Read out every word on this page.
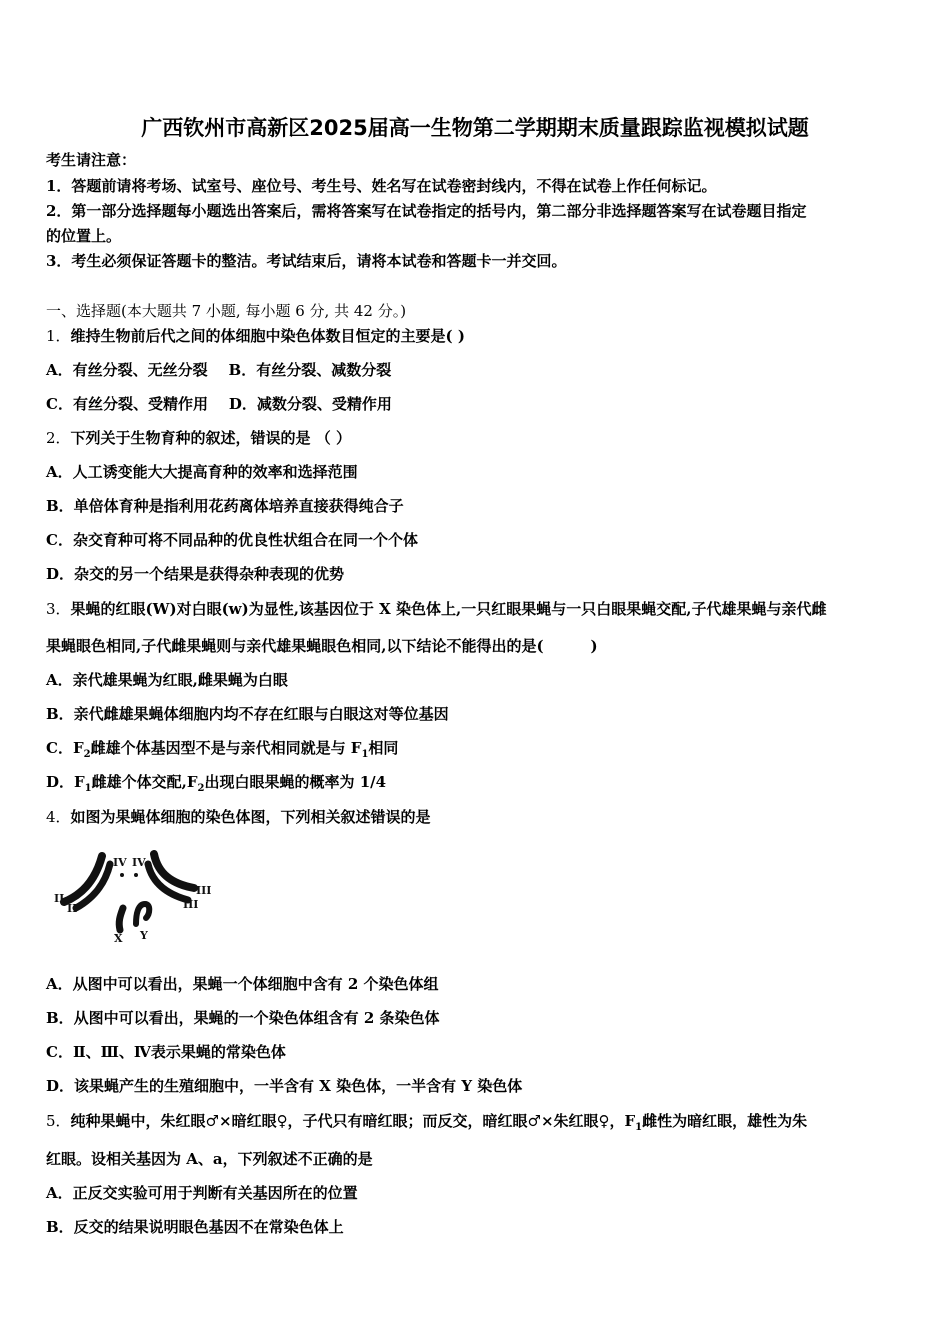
广西钦州市高新区2025届高一生物第二学期期末质量跟踪监视模拟试题
考生请注意：
1．答题前请将考场、试室号、座位号、考生号、姓名写在试卷密封线内，不得在试卷上作任何标记。
2．第一部分选择题每小题选出答案后，需将答案写在试卷指定的括号内，第二部分非选择题答案写在试卷题目指定
的位置上。
3．考生必须保证答题卡的整洁。考试结束后，请将本试卷和答题卡一并交回。
一、选择题(本大题共 7 小题, 每小题 6 分, 共 42 分。)
1．维持生物前后代之间的体细胞中染色体数目恒定的主要是( )
A．有丝分裂、无丝分裂    B．有丝分裂、减数分裂
C．有丝分裂、受精作用    D．减数分裂、受精作用
2．下列关于生物育种的叙述，错误的是 （ ）
A．人工诱变能大大提高育种的效率和选择范围
B．单倍体育种是指利用花药离体培养直接获得纯合子
C．杂交育种可将不同品种的优良性状组合在同一个个体
D．杂交的另一个结果是获得杂种表现的优势
3．果蝇的红眼(W)对白眼(w)为显性,该基因位于 X 染色体上,一只红眼果蝇与一只白眼果蝇交配,子代雄果蝇与亲代雌
果蝇眼色相同,子代雌果蝇则与亲代雄果蝇眼色相同,以下结论不能得出的是(         )
A．亲代雄果蝇为红眼,雌果蝇为白眼
B．亲代雌雄果蝇体细胞内均不存在红眼与白眼这对等位基因
C．$F_2$雌雄个体基因型不是与亲代相同就是与 $F_1$相同
D．$F_1$雌雄个体交配$,F_2$出现白眼果蝇的概率为 1/4
4．如图为果蝇体细胞的染色体图，下列相关叙述错误的是
IV IV
II
II
III
III
X Y
A．从图中可以看出，果蝇一个体细胞中含有 2 个染色体组
B．从图中可以看出，果蝇的一个染色体组含有 2 条染色体
C．Ⅱ、Ⅲ、Ⅳ表示果蝇的常染色体
D．该果蝇产生的生殖细胞中，一半含有 X 染色体，一半含有 Y 染色体
5．纯种果蝇中，朱红眼♂×暗红眼♀，子代只有暗红眼；而反交，暗红眼♂×朱红眼♀，$F_1$雌性为暗红眼，雄性为朱
红眼。设相关基因为 A、a，下列叙述不正确的是
A．正反交实验可用于判断有关基因所在的位置
B．反交的结果说明眼色基因不在常染色体上
